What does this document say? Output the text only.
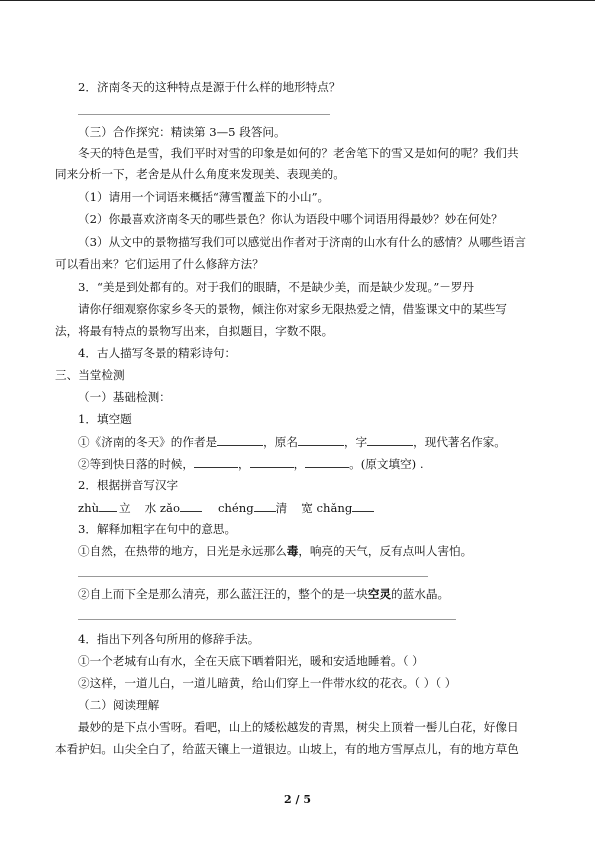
2．济南冬天的这种特点是源于什么样的地形特点？
（三）合作探究：精读第 3—5 段答问。
冬天的特色是雪，我们平时对雪的印象是如何的？老舍笔下的雪又是如何的呢？我们共
同来分析一下，老舍是从什么角度来发现美、表现美的。
（1）请用一个词语来概括“薄雪覆盖下的小山”。
（2）你最喜欢济南冬天的哪些景色？你认为语段中哪个词语用得最妙？妙在何处？
（3）从文中的景物描写我们可以感觉出作者对于济南的山水有什么的感情？从哪些语言
可以看出来？它们运用了什么修辞方法？
3．“美是到处都有的。对于我们的眼睛，不是缺少美，而是缺少发现。”－罗丹
请你仔细观察你家乡冬天的景物，倾注你对家乡无限热爱之情，借鉴课文中的某些写
法，将最有特点的景物写出来，自拟题目，字数不限。
4．古人描写冬景的精彩诗句：
三、当堂检测
（一）基础检测：
1．填空题
①《济南的冬天》的作者是	，原名	，字	，现代著名作家。
②等到快日落的时候，	，	，	。(原文填空) .
2．根据拼音写汉字
zhù 立 水 zǎo	chéng 清 宽 chǎng
3．解释加粗字在句中的意思。
①自然，在热带的地方，日光是永远那么毒，响亮的天气，反有点叫人害怕。
②自上而下全是那么清亮，那么蓝汪汪的，整个的是一块空灵的蓝水晶。
4．指出下列各句所用的修辞手法。
①一个老城有山有水，全在天底下晒着阳光，暖和安适地睡着。（ ）
②这样，一道儿白，一道儿暗黄，给山们穿上一件带水纹的花衣。（ ）（ ）
（二）阅读理解
最妙的是下点小雪呀。看吧，山上的矮松越发的青黑，树尖上顶着一髻儿白花，好像日
本看护妇。山尖全白了，给蓝天镶上一道银边。山坡上，有的地方雪厚点儿，有的地方草色
2 / 5
